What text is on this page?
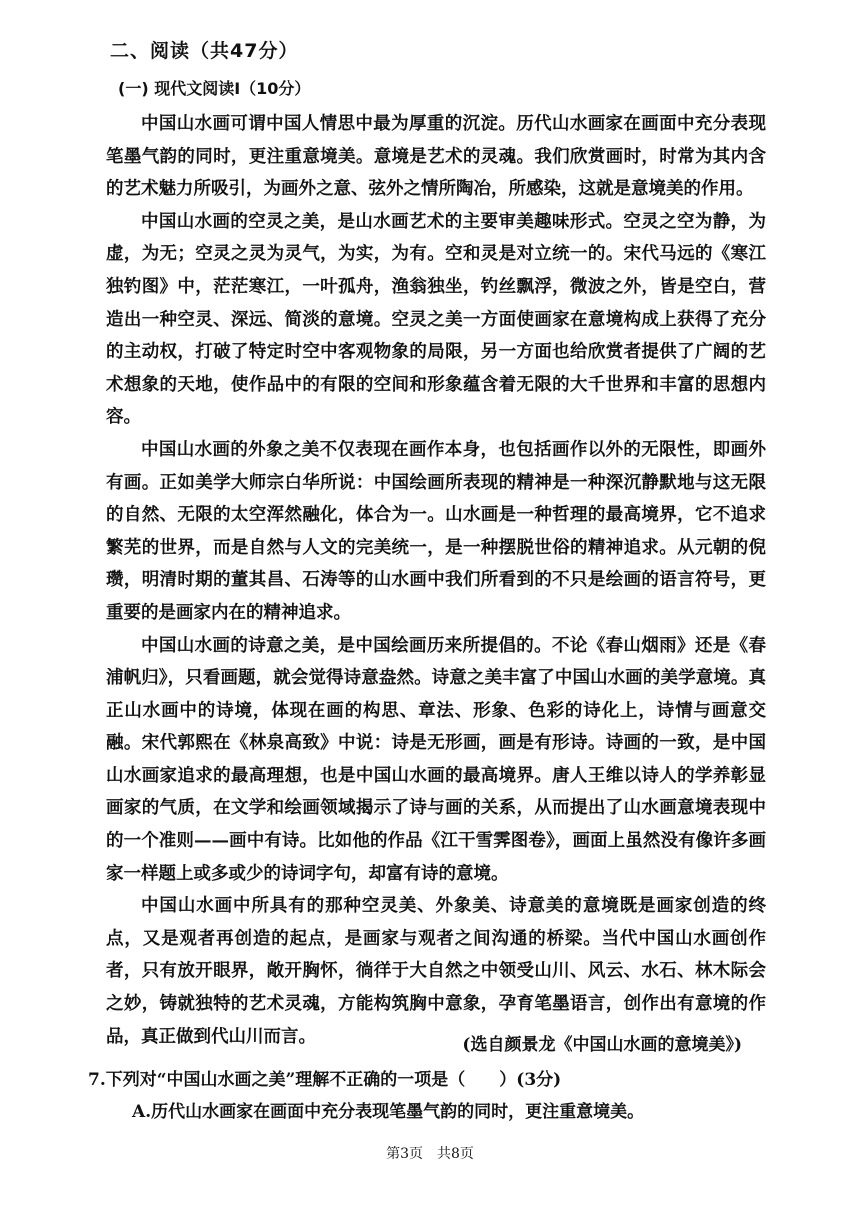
二、阅读（共47分）
(一) 现代文阅读I（10分）

中国山水画可谓中国人情思中最为厚重的沉淀。历代山水画家在画面中充分表现笔墨气韵的同时，更注重意境美。意境是艺术的灵魂。我们欣赏画时，时常为其内含的艺术魅力所吸引，为画外之意、弦外之情所陶冶，所感染，这就是意境美的作用。

中国山水画的空灵之美，是山水画艺术的主要审美趣味形式。空灵之空为静，为虚，为无；空灵之灵为灵气，为实，为有。空和灵是对立统一的。宋代马远的《寒江独钓图》中，茫茫寒江，一叶孤舟，渔翁独坐，钓丝飘浮，微波之外，皆是空白，营造出一种空灵、深远、简淡的意境。空灵之美一方面使画家在意境构成上获得了充分的主动权，打破了特定时空中客观物象的局限，另一方面也给欣赏者提供了广阔的艺术想象的天地，使作品中的有限的空间和形象蕴含着无限的大千世界和丰富的思想内容。

中国山水画的外象之美不仅表现在画作本身，也包括画作以外的无限性，即画外有画。正如美学大师宗白华所说：中国绘画所表现的精神是一种深沉静默地与这无限的自然、无限的太空浑然融化，体合为一。山水画是一种哲理的最高境界，它不追求繁芜的世界，而是自然与人文的完美统一，是一种摆脱世俗的精神追求。从元朝的倪瓒，明清时期的董其昌、石涛等的山水画中我们所看到的不只是绘画的语言符号，更重要的是画家内在的精神追求。

中国山水画的诗意之美，是中国绘画历来所提倡的。不论《春山烟雨》还是《春浦帆归》，只看画题，就会觉得诗意盎然。诗意之美丰富了中国山水画的美学意境。真正山水画中的诗境，体现在画的构思、章法、形象、色彩的诗化上，诗情与画意交融。宋代郭熙在《林泉高致》中说：诗是无形画，画是有形诗。诗画的一致，是中国山水画家追求的最高理想，也是中国山水画的最高境界。唐人王维以诗人的学养彰显画家的气质，在文学和绘画领域揭示了诗与画的关系，从而提出了山水画意境表现中的一个准则——画中有诗。比如他的作品《江干雪霁图卷》，画面上虽然没有像许多画家一样题上或多或少的诗词字句，却富有诗的意境。

中国山水画中所具有的那种空灵美、外象美、诗意美的意境既是画家创造的终点，又是观者再创造的起点，是画家与观者之间沟通的桥梁。当代中国山水画创作者，只有放开眼界，敞开胸怀，徜徉于大自然之中领受山川、风云、水石、林木际会之妙，铸就独特的艺术灵魂，方能构筑胸中意象，孕育笔墨语言，创作出有意境的作品，真正做到代山川而言。	(选自颜景龙《中国山水画的意境美》)
7.下列对“中国山水画之美”理解不正确的一项是（　　）(3分)
A.历代山水画家在画面中充分表现笔墨气韵的同时，更注重意境美。
第3页　共8页
